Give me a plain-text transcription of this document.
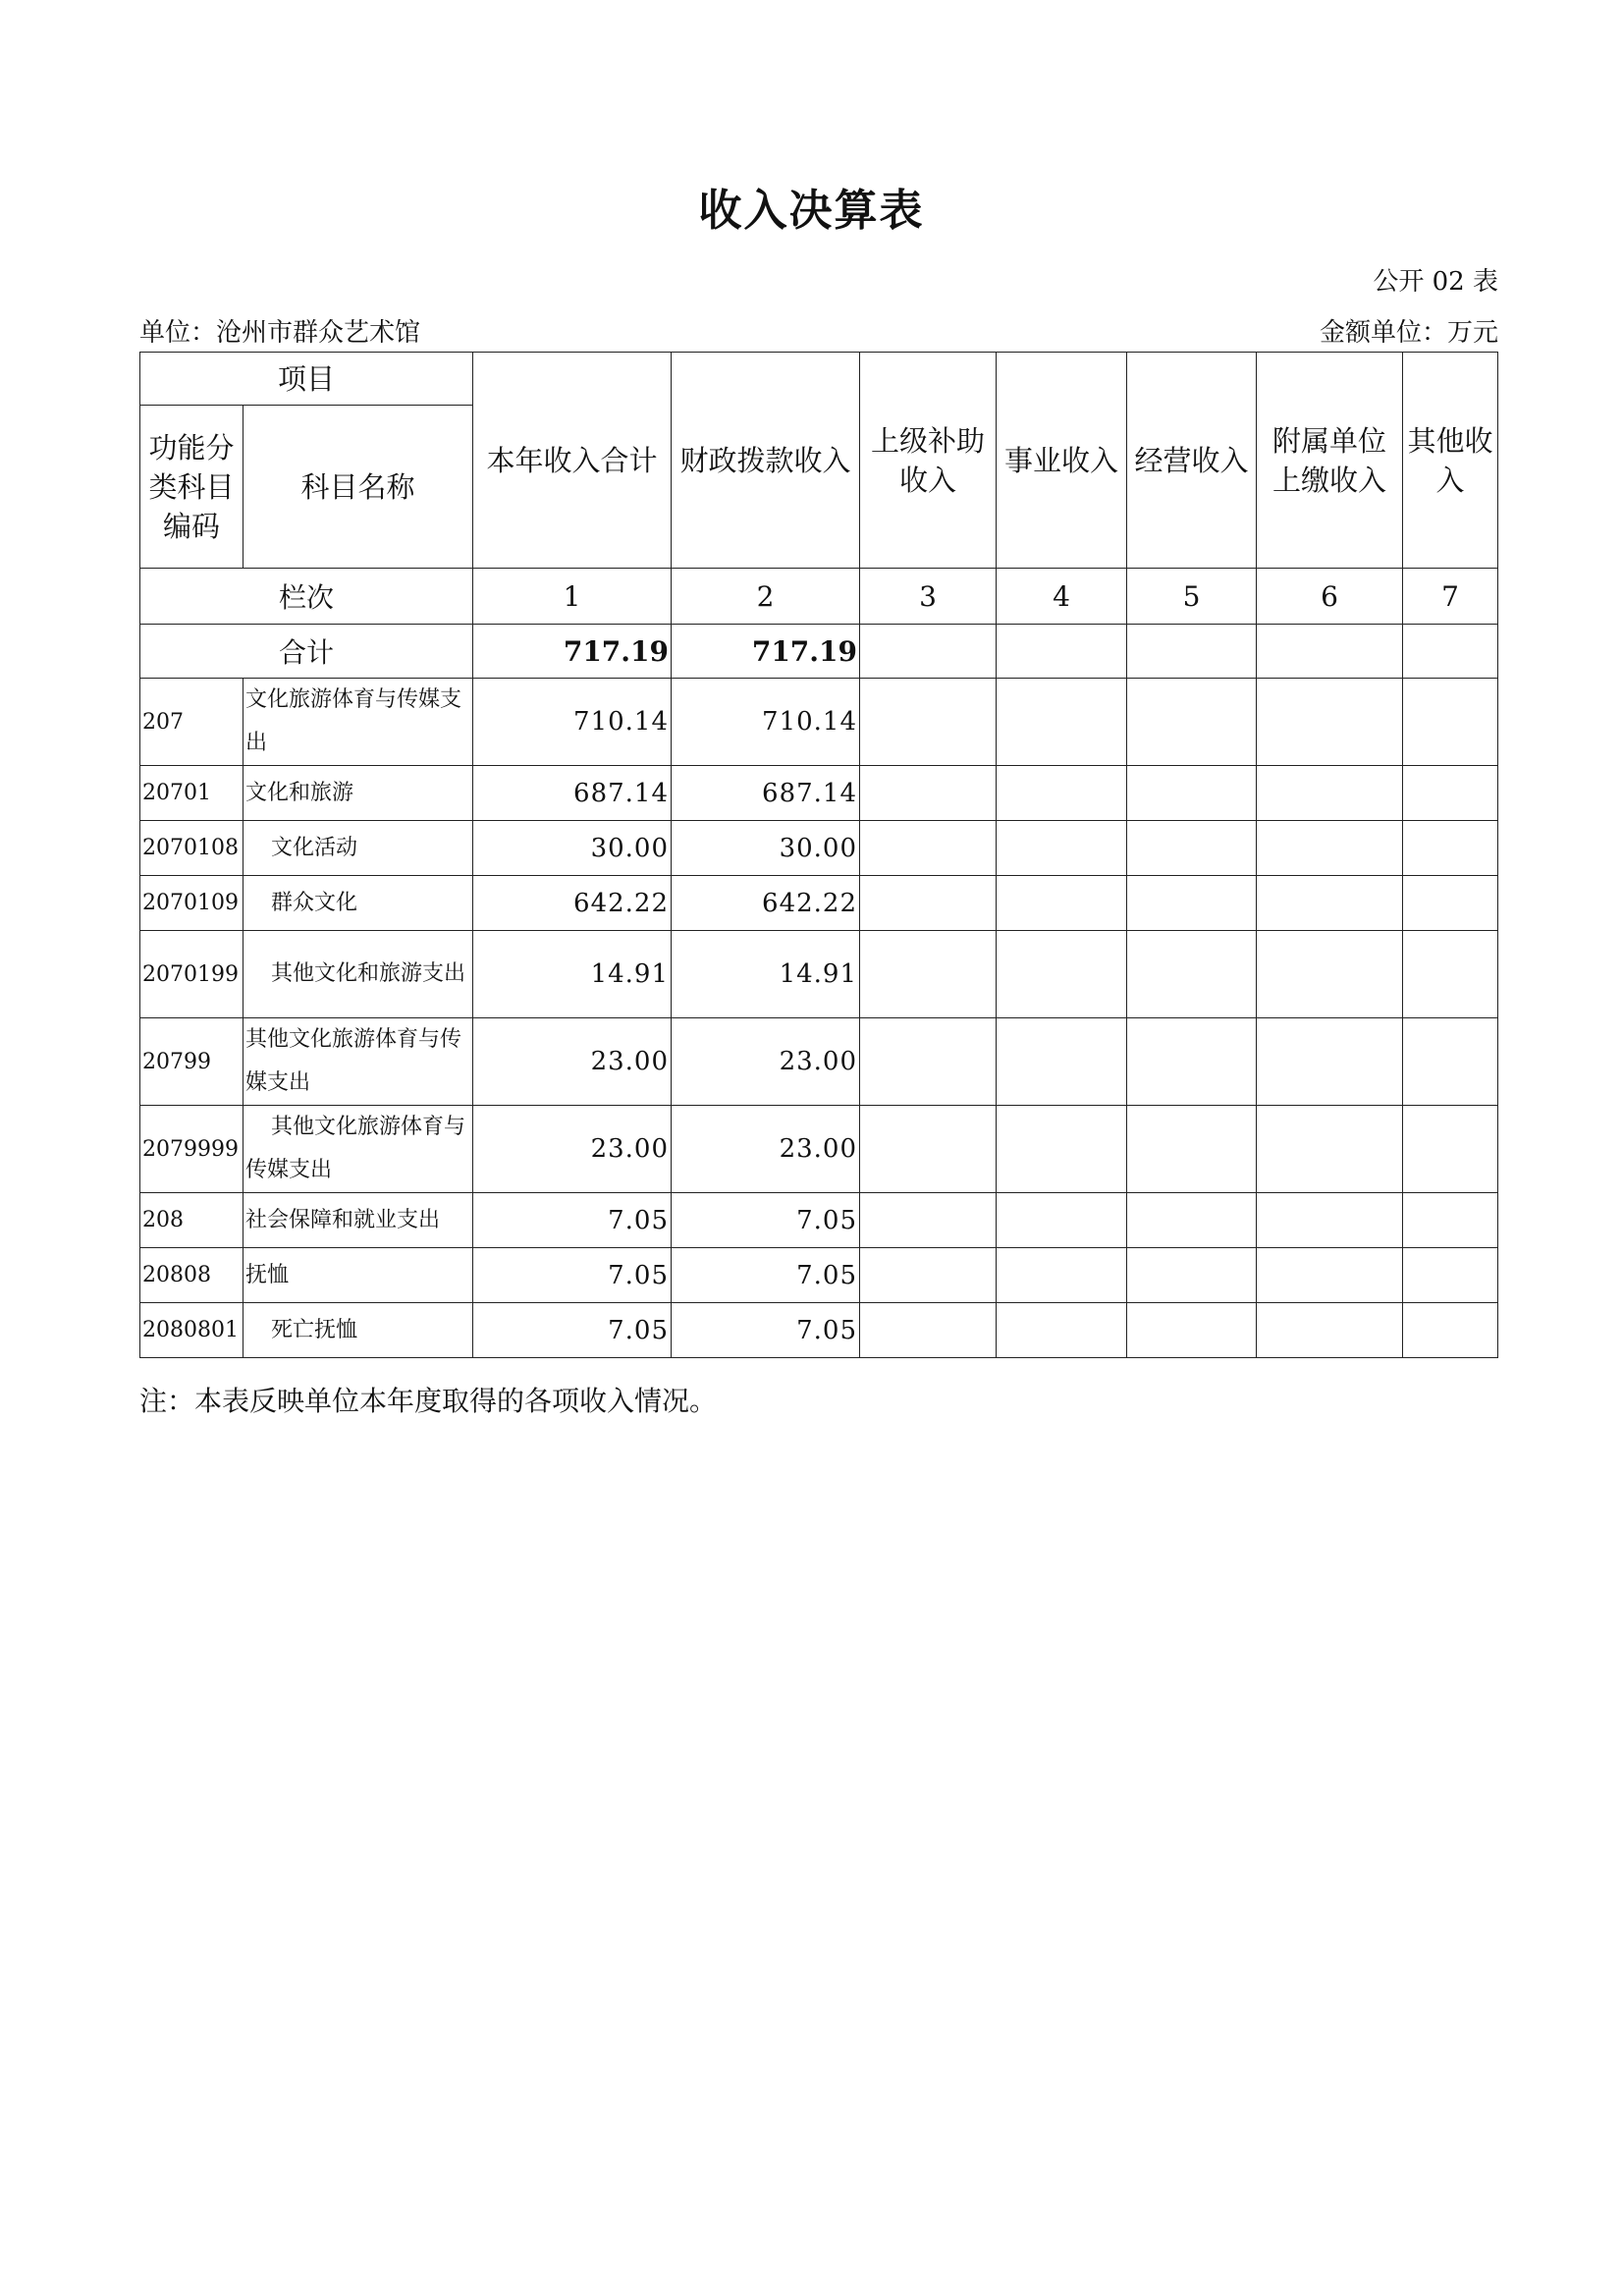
收入决算表
公开 02 表
单位：沧州市群众艺术馆	金额单位：万元
项目		本年收入合计	财政拨款收入	上级补助收入	事业收入	经营收入	附属单位上缴收入	其他收入
功能分类科目编码	科目名称							
栏次		1	2	3	4	5	6	7
合计		717.19	717.19					
207	文化旅游体育与传媒支出	710.14	710.14					
20701	文化和旅游	687.14	687.14					
2070108	文化活动	30.00	30.00					
2070109	群众文化	642.22	642.22					
2070199	其他文化和旅游支出	14.91	14.91					
20799	其他文化旅游体育与传媒支出	23.00	23.00					
2079999	其他文化旅游体育与传媒支出	23.00	23.00					
208	社会保障和就业支出	7.05	7.05					
20808	抚恤	7.05	7.05					
2080801	死亡抚恤	7.05	7.05					
注：本表反映单位本年度取得的各项收入情况。
